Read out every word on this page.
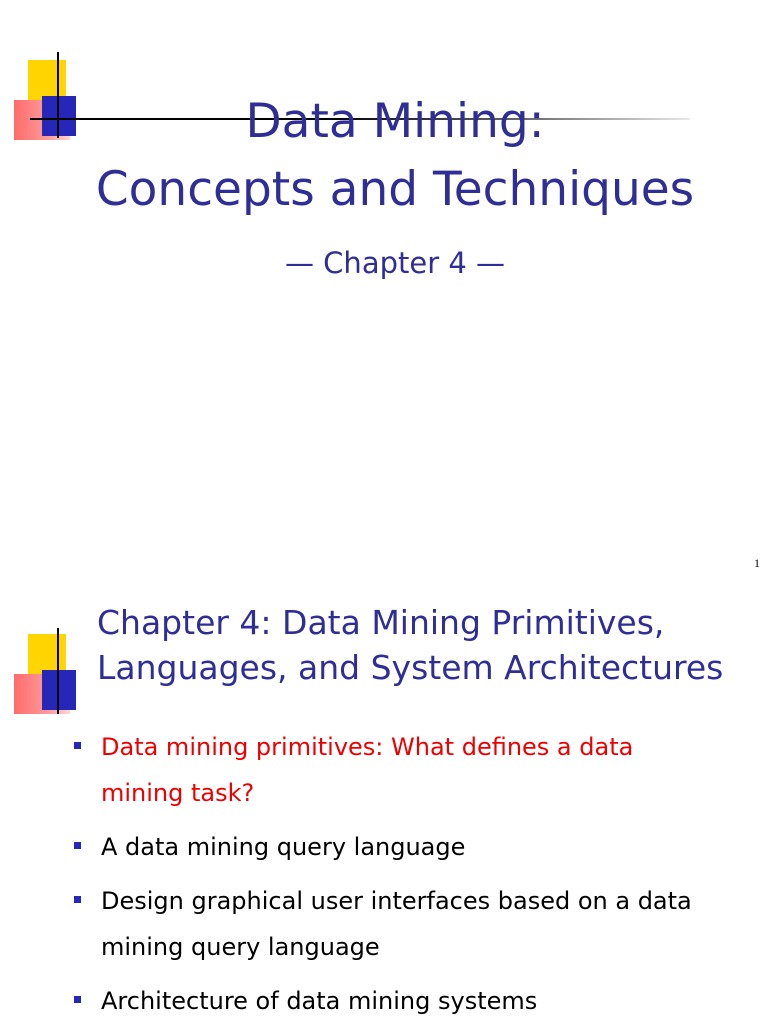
Data Mining:
Concepts and Techniques

— Chapter 4 —

1
Chapter 4: Data Mining Primitives,
Languages, and System Architectures
Data mining primitives: What defines a data mining task?
A data mining query language
Design graphical user interfaces based on a data mining query language
Architecture of data mining systems
